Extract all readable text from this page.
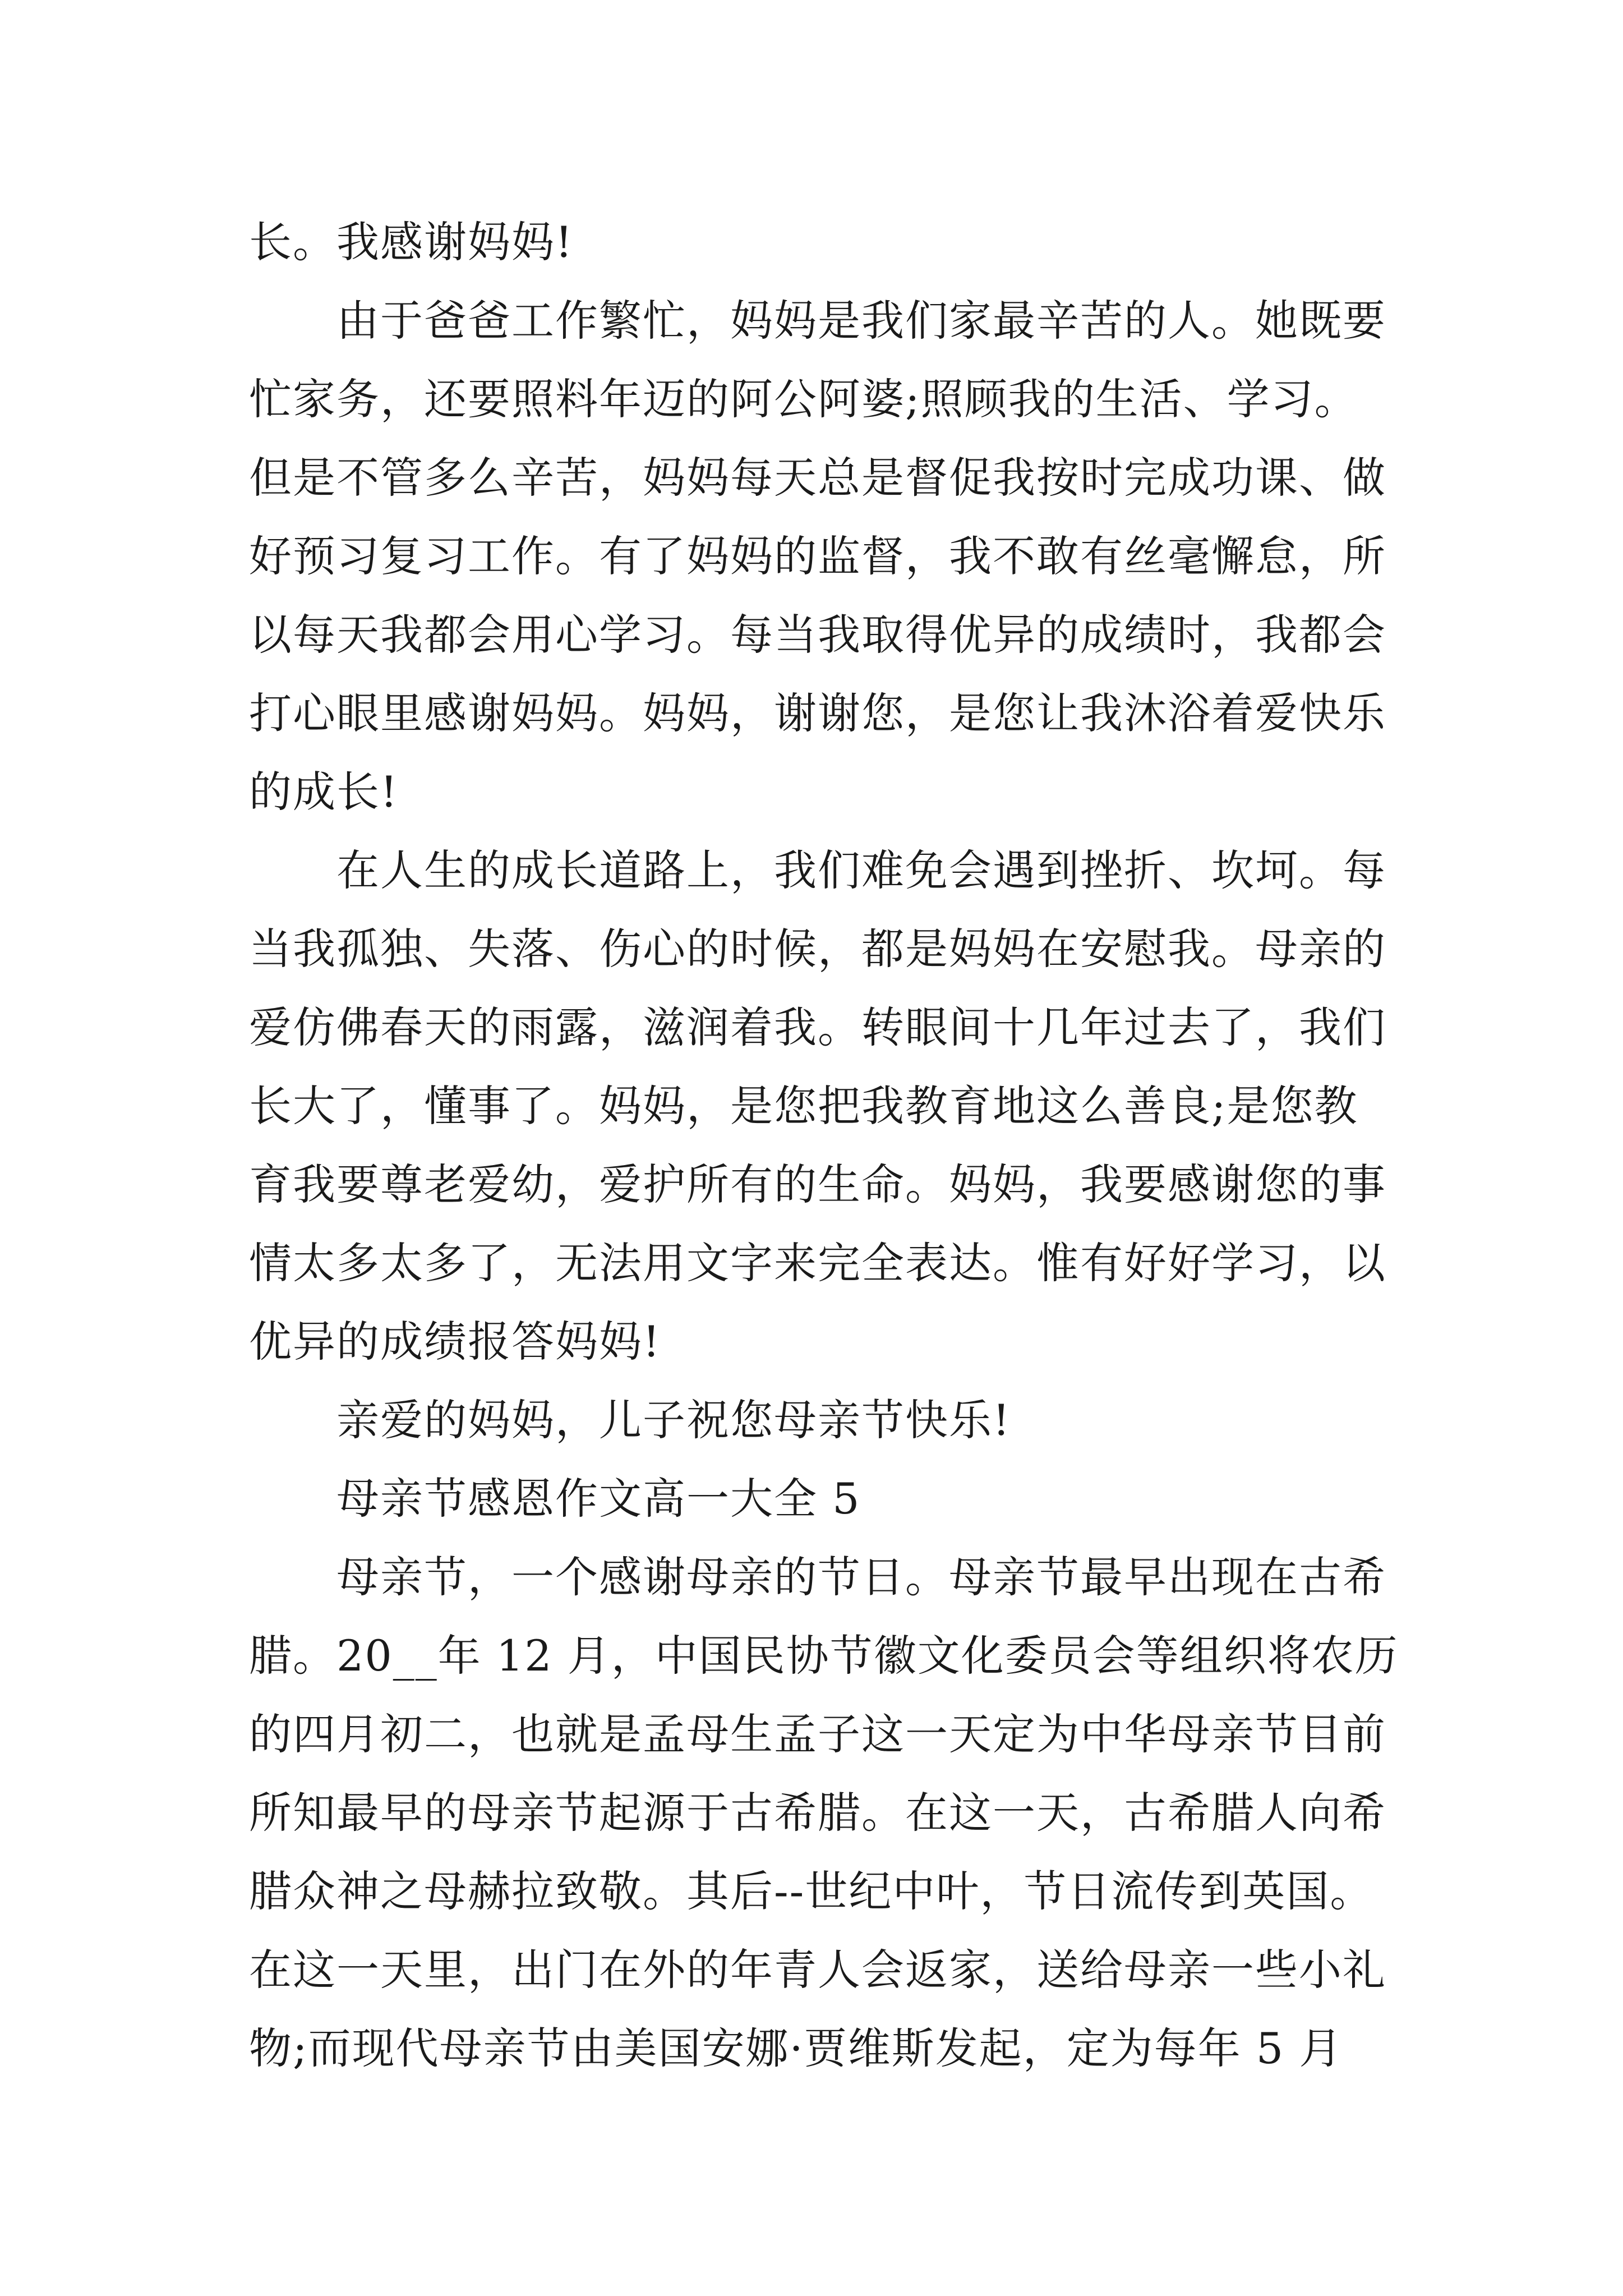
长。我感谢妈妈!
由于爸爸工作繁忙，妈妈是我们家最辛苦的人。她既要
忙家务，还要照料年迈的阿公阿婆;照顾我的生活、学习。
但是不管多么辛苦，妈妈每天总是督促我按时完成功课、做
好预习复习工作。有了妈妈的监督，我不敢有丝毫懈怠，所
以每天我都会用心学习。每当我取得优异的成绩时，我都会
打心眼里感谢妈妈。妈妈，谢谢您，是您让我沐浴着爱快乐
的成长!
在人生的成长道路上，我们难免会遇到挫折、坎坷。每
当我孤独、失落、伤心的时候，都是妈妈在安慰我。母亲的
爱仿佛春天的雨露，滋润着我。转眼间十几年过去了，我们
长大了，懂事了。妈妈，是您把我教育地这么善良;是您教
育我要尊老爱幼，爱护所有的生命。妈妈，我要感谢您的事
情太多太多了，无法用文字来完全表达。惟有好好学习，以
优异的成绩报答妈妈!
亲爱的妈妈，儿子祝您母亲节快乐!
母亲节感恩作文高一大全 5
母亲节，一个感谢母亲的节日。母亲节最早出现在古希
腊。20__年 12 月，中国民协节徽文化委员会等组织将农历
的四月初二，也就是孟母生孟子这一天定为中华母亲节目前
所知最早的母亲节起源于古希腊。在这一天，古希腊人向希
腊众神之母赫拉致敬。其后--世纪中叶，节日流传到英国。
在这一天里，出门在外的年青人会返家，送给母亲一些小礼
物;而现代母亲节由美国安娜·贾维斯发起，定为每年 5 月
